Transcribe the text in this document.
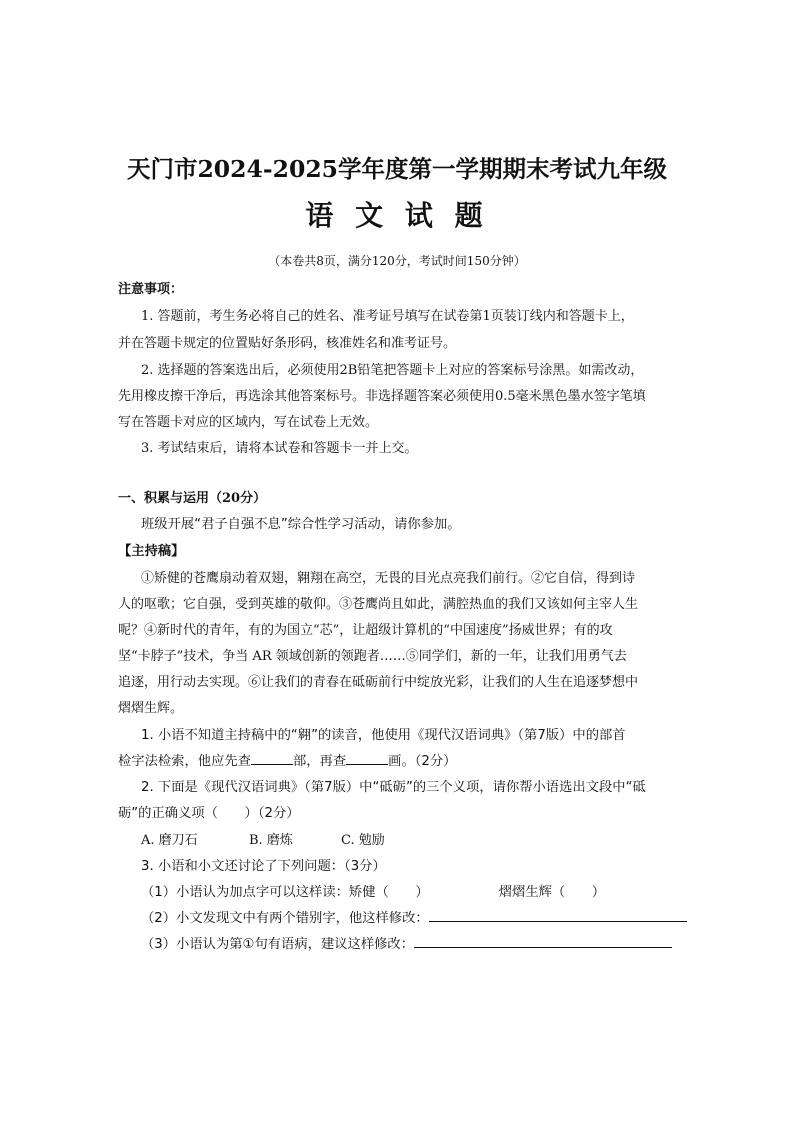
天门市2024-2025学年度第一学期期末考试九年级
语 文 试 题
（本卷共8页，满分120分，考试时间150分钟）
注意事项：
1. 答题前，考生务必将自己的姓名、准考证号填写在试卷第1页装订线内和答题卡上，
并在答题卡规定的位置贴好条形码，核准姓名和准考证号。
2. 选择题的答案选出后，必须使用2B铅笔把答题卡上对应的答案标号涂黑。如需改动，
先用橡皮擦干净后，再选涂其他答案标号。非选择题答案必须使用0.5毫米黑色墨水签字笔填
写在答题卡对应的区域内，写在试卷上无效。
3. 考试结束后，请将本试卷和答题卡一并上交。
一、积累与运用（20分）
班级开展“君子自强不息”综合性学习活动，请你参加。
【主持稿】
①矫健的苍鹰扇动着双翅，翱翔在高空，无畏的目光点亮我们前行。②它自信，得到诗
人的呕歌；它自强，受到英雄的敬仰。③苍鹰尚且如此，满腔热血的我们又该如何主宰人生
呢？④新时代的青年，有的为国立“芯”，让超级计算机的“中国速度”扬威世界；有的攻
坚“卡脖子”技术，争当 AR 领域创新的领跑者……⑤同学们，新的一年，让我们用勇气去
追逐，用行动去实现。⑥让我们的青春在砥砺前行中绽放光彩，让我们的人生在追逐梦想中
熠熠生辉。
1. 小语不知道主持稿中的“翱”的读音，他使用《现代汉语词典》（第7版）中的部首
检字法检索，他应先查	部，再查	画。（2分）
2. 下面是《现代汉语词典》（第7版）中“砥砺”的三个义项，请你帮小语选出文段中“砥
砺”的正确义项（　　）（2分）
A. 磨刀石	B. 磨炼	C. 勉励
3. 小语和小文还讨论了下列问题：（3分）
（1）小语认为加点字可以这样读：矫健（　　）	熠熠生辉（　　）
（2）小文发现文中有两个错别字，他这样修改：
（3）小语认为第①句有语病，建议这样修改：
